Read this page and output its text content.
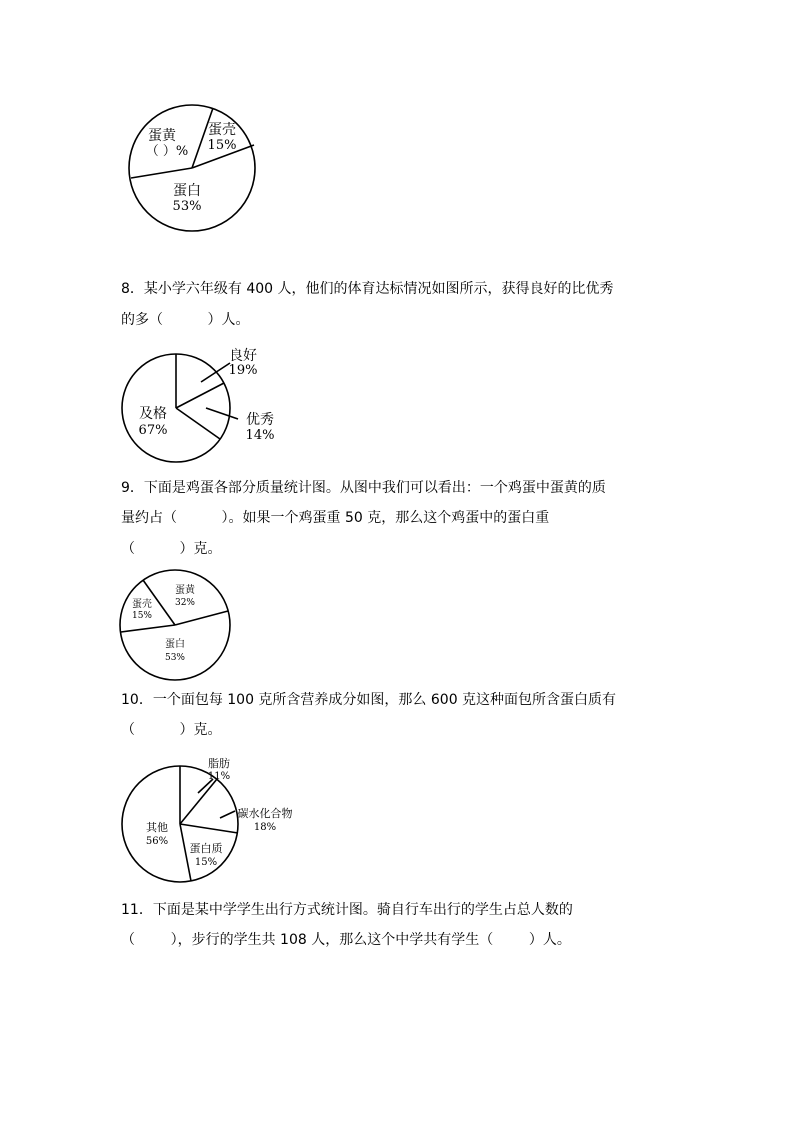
蛋黄
（ ）%
蛋壳
15%
蛋白
53%

8．某小学六年级有 400 人，他们的体育达标情况如图所示，获得良好的比优秀

的多（          ）人。

良好
19%
优秀
14%
及格
67%

9．下面是鸡蛋各部分质量统计图。从图中我们可以看出：一个鸡蛋中蛋黄的质

量约占（          ）。如果一个鸡蛋重 50 克，那么这个鸡蛋中的蛋白重

（          ）克。

蛋黄
32%
蛋壳
15%
蛋白
53%

10．一个面包每 100 克所含营养成分如图，那么 600 克这种面包所含蛋白质有

（          ）克。

脂肪
11%
碳水化合物
18%
蛋白质
15%
其他
56%

11．下面是某中学学生出行方式统计图。骑自行车出行的学生占总人数的

（        ），步行的学生共 108 人，那么这个中学共有学生（        ）人。
